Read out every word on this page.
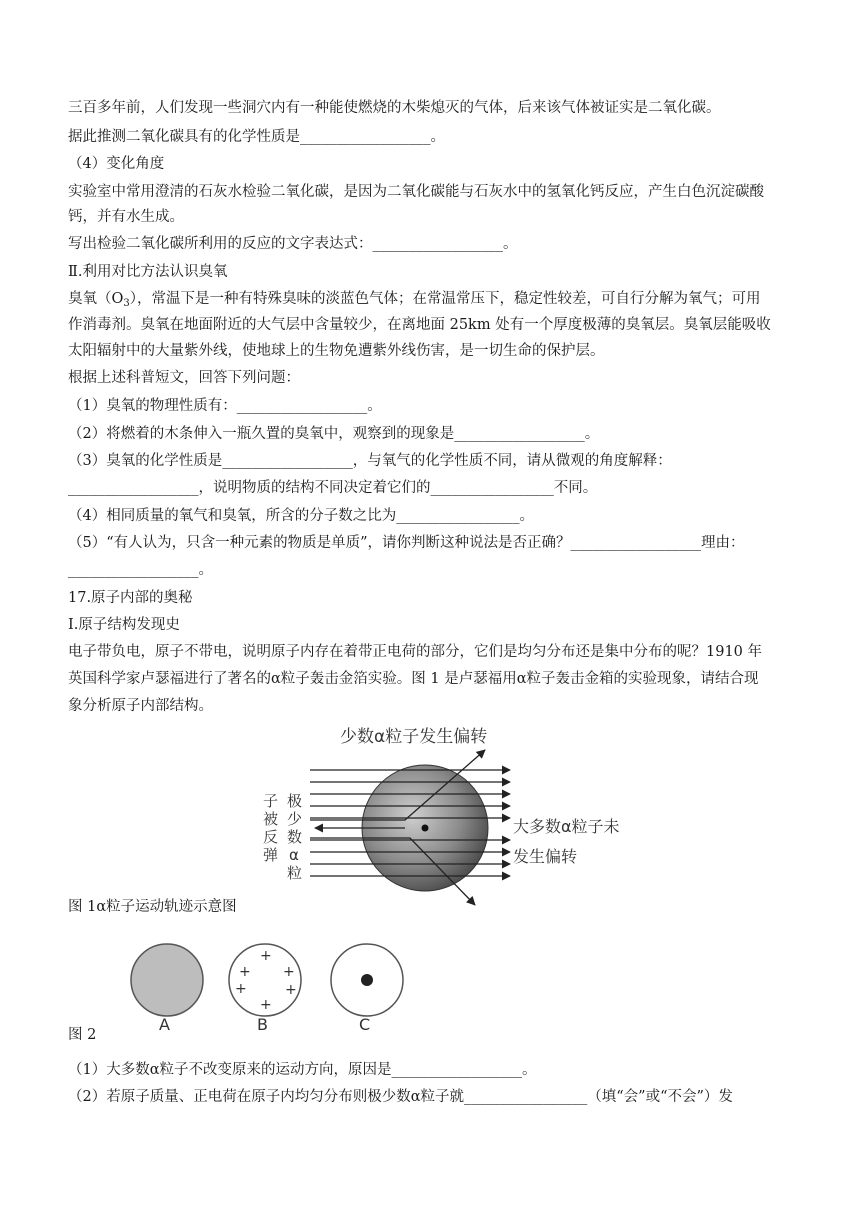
三百多年前，人们发现一些洞穴内有一种能使燃烧的木柴熄灭的气体，后来该气体被证实是二氧化碳。
据此推测二氧化碳具有的化学性质是__________________。
（4）变化角度
实验室中常用澄清的石灰水检验二氧化碳，是因为二氧化碳能与石灰水中的氢氧化钙反应，产生白色沉淀碳酸
钙，并有水生成。
写出检验二氧化碳所利用的反应的文字表达式：__________________。
Ⅱ.利用对比方法认识臭氧
臭氧$(O_3)$，常温下是一种有特殊臭味的淡蓝色气体；在常温常压下，稳定性较差，可自行分解为氧气；可用
作消毒剂。臭氧在地面附近的大气层中含量较少，在离地面 25km 处有一个厚度极薄的臭氧层。臭氧层能吸收
太阳辐射中的大量紫外线，使地球上的生物免遭紫外线伤害，是一切生命的保护层。
根据上述科普短文，回答下列问题：
（1）臭氧的物理性质有：__________________。
（2）将燃着的木条伸入一瓶久置的臭氧中，观察到的现象是__________________。
（3）臭氧的化学性质是__________________，与氧气的化学性质不同，请从微观的角度解释：
__________________，说明物质的结构不同决定着它们的_________________不同。
（4）相同质量的氧气和臭氧，所含的分子数之比为_________________。
（5）“有人认为，只含一种元素的物质是单质”，请你判断这种说法是否正确？__________________理由：
__________________。
17.原子内部的奥秘
I.原子结构发现史
电子带负电，原子不带电，说明原子内存在着带正电荷的部分，它们是均匀分布还是集中分布的呢？1910 年
英国科学家卢瑟福进行了著名的α粒子轰击金箔实验。图 1 是卢瑟福用α粒子轰击金箱的实验现象，请结合现
象分析原子内部结构。
少数α粒子发生偏转
大多数α粒子未
发生偏转
极
少
数
α
粒
子
被
反
弹
图 1α粒子运动轨迹示意图
A
+
+ +
+	+
+
B	C
图 2
（1）大多数α粒子不改变原来的运动方向，原因是__________________。
（2）若原子质量、正电荷在原子内均匀分布则极少数α粒子就_________________（填“会”或“不会”）发
